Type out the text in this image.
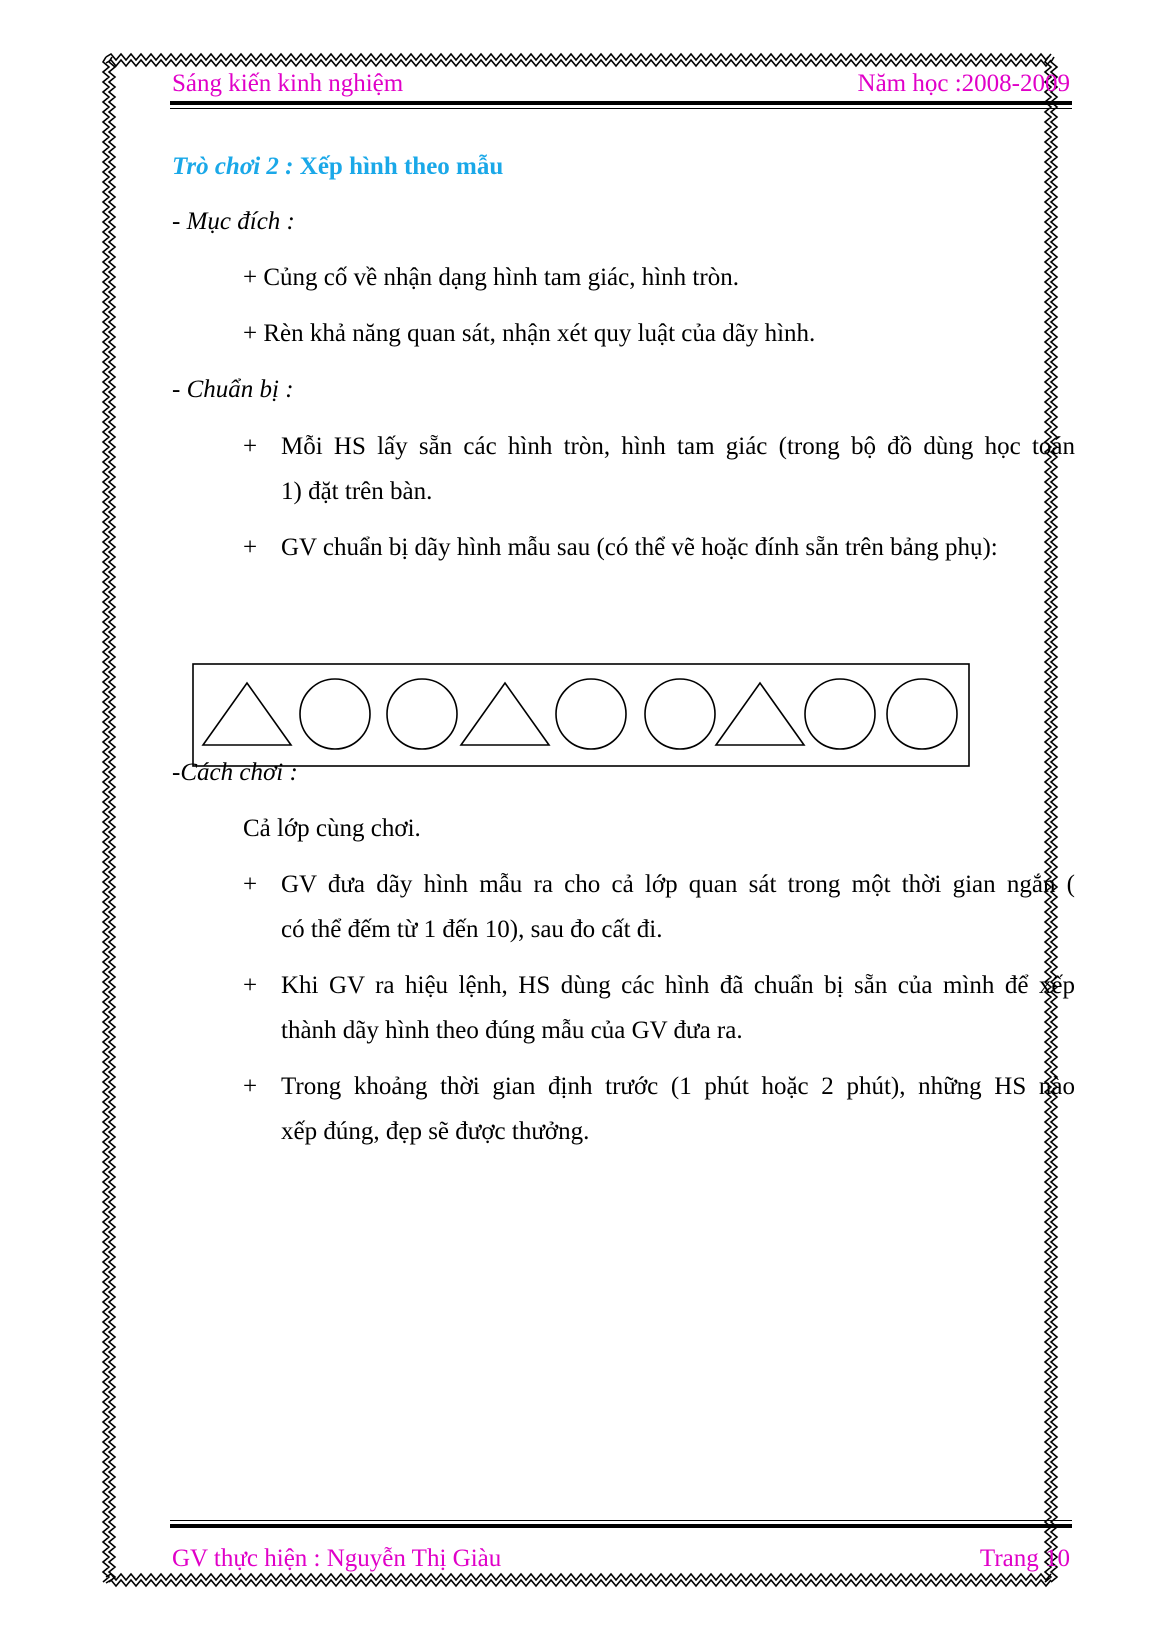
Sáng kiến kinh nghiệm	Năm học :2008-2009
Trò chơi 2 : Xếp hình theo mẫu
- Mục đích :
+ Củng cố về nhận dạng hình tam giác, hình tròn.
+ Rèn khả năng quan sát, nhận xét quy luật của dãy hình.
- Chuẩn bị :
+ Mỗi HS lấy sẵn các hình tròn, hình tam giác (trong bộ đồ dùng học toán
1) đặt trên bàn.
+ GV chuẩn bị dãy hình mẫu sau (có thể vẽ hoặc đính sẵn trên bảng phụ):
-Cách chơi :
Cả lớp cùng chơi.
+ GV đưa dãy hình mẫu ra cho cả lớp quan sát trong một thời gian ngắn (
có thể đếm từ 1 đến 10), sau đo cất đi.
+ Khi GV ra hiệu lệnh, HS dùng các hình đã chuẩn bị sẵn của mình để xếp
thành dãy hình theo đúng mẫu của GV đưa ra.
+ Trong khoảng thời gian định trước (1 phút hoặc 2 phút), những HS nào
xếp đúng, đẹp sẽ được thưởng.
GV thực hiện : Nguyễn Thị Giàu	Trang 10
